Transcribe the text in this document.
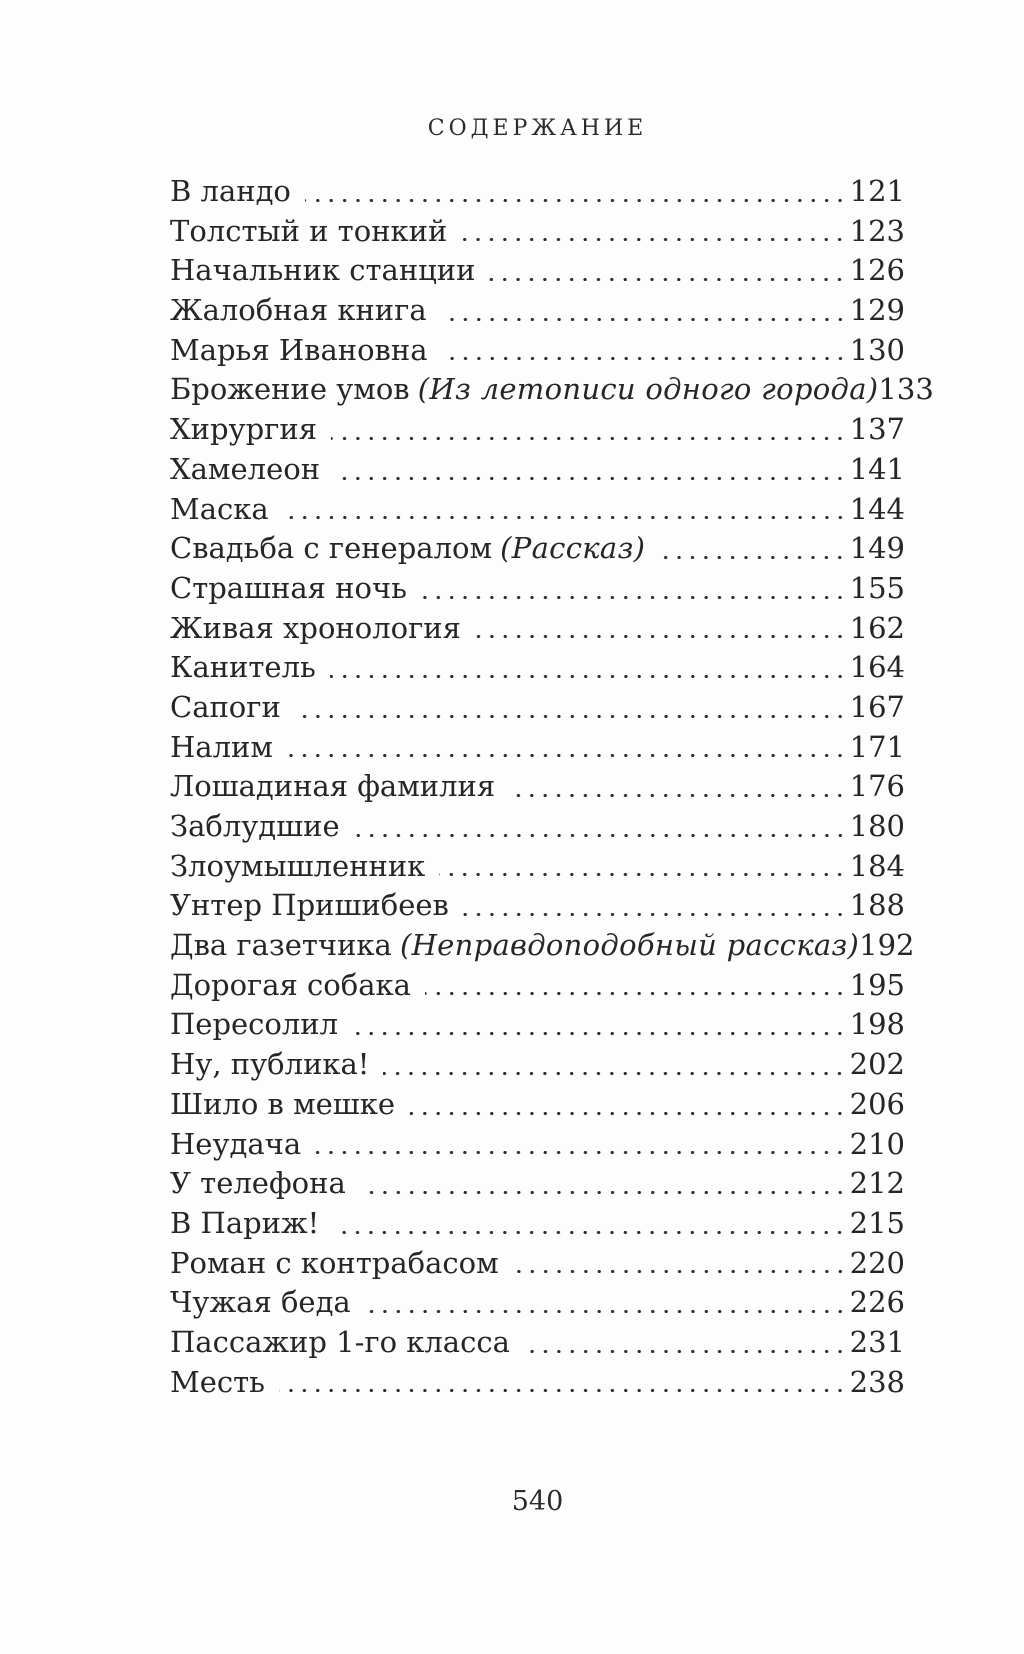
СОДЕРЖАНИЕ
В ландо	121
Толстый и тонкий	123
Начальник станции	126
Жалобная книга	129
Марья Ивановна	130
Брожение умов (Из летописи одного города) 133
Хирургия	137
Хамелеон	141
Маска	144
Свадьба с генералом (Рассказ)	149
Страшная ночь	155
Живая хронология	162
Канитель	164
Сапоги	167
Налим	171
Лошадиная фамилия	176
Заблудшие	180
Злоумышленник	184
Унтер Пришибеев	188
Два газетчика (Неправдоподобный рассказ) 192
Дорогая собака	195
Пересолил	198
Ну, публика!	202
Шило в мешке	206
Неудача	210
У телефона	212
В Париж!	215
Роман с контрабасом	220
Чужая беда	226
Пассажир 1-го класса	231
Месть	238
540
